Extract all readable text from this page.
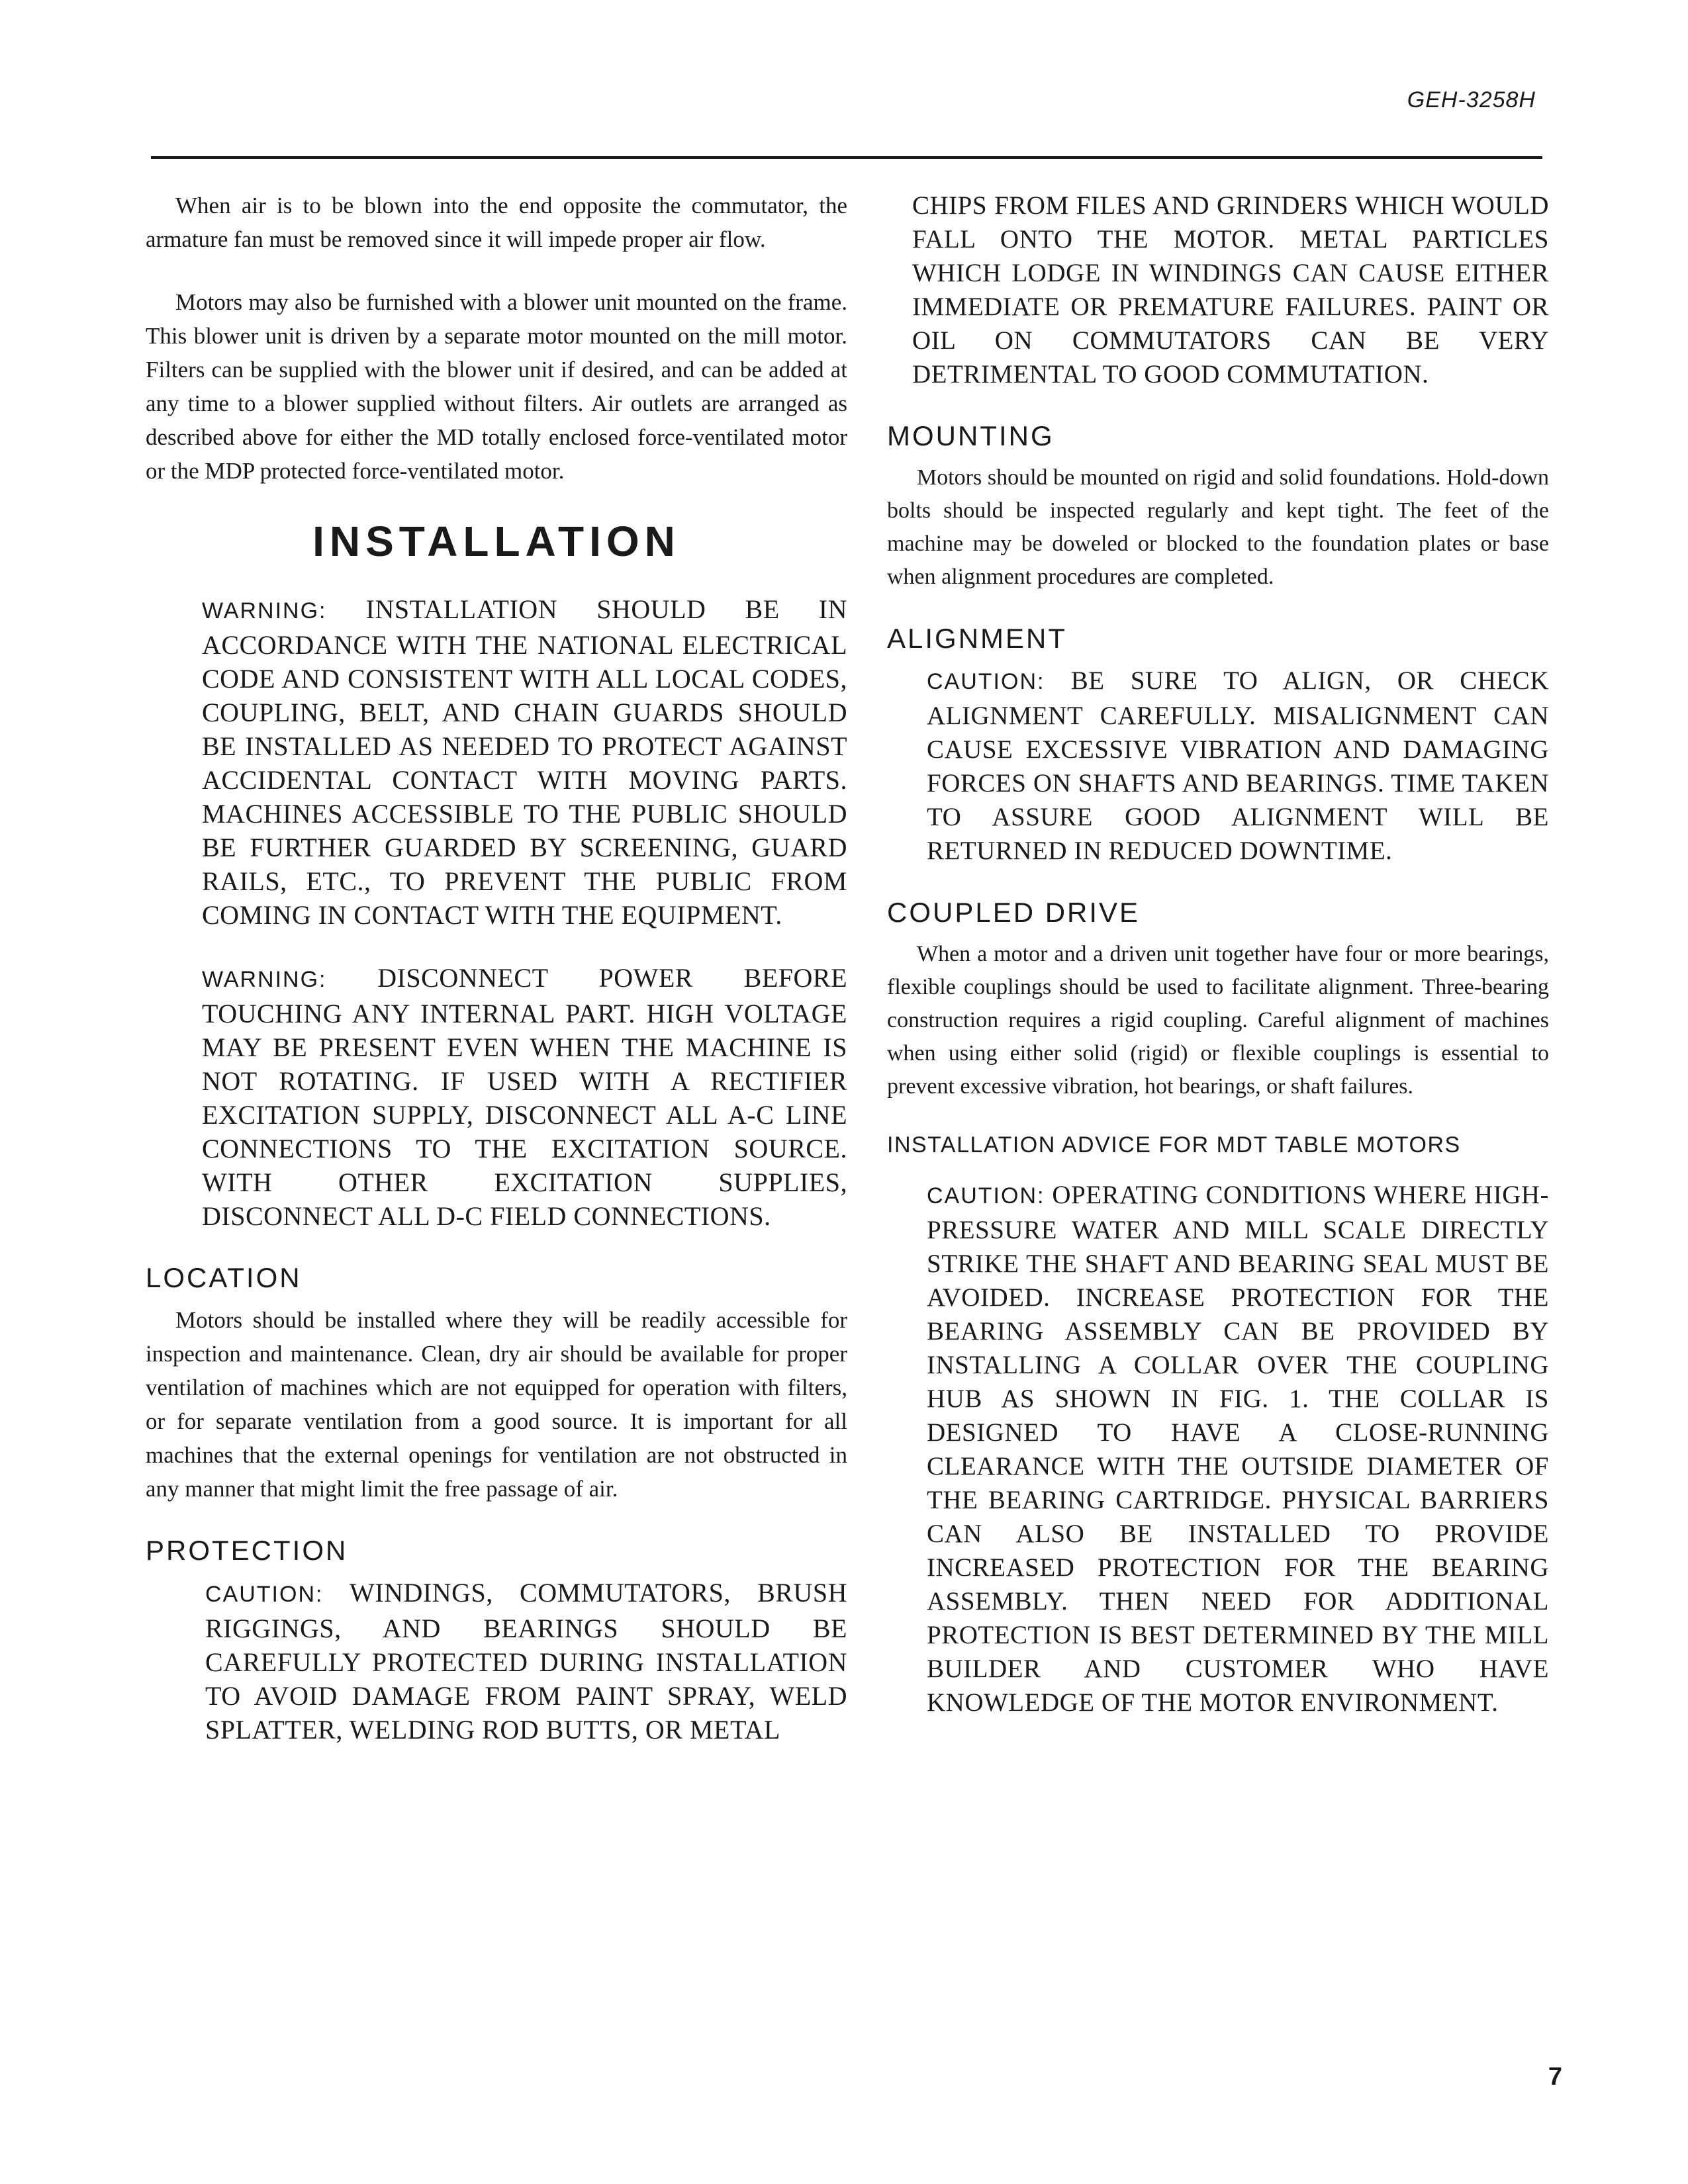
GEH-3258H

When air is to be blown into the end opposite the commutator, the armature fan must be removed since it will impede proper air flow.

Motors may also be furnished with a blower unit mounted on the frame. This blower unit is driven by a separate motor mounted on the mill motor. Filters can be supplied with the blower unit if desired, and can be added at any time to a blower supplied without filters. Air outlets are arranged as described above for either the MD totally enclosed force-ventilated motor or the MDP protected force-ventilated motor.

INSTALLATION

WARNING: INSTALLATION SHOULD BE IN ACCORDANCE WITH THE NATIONAL ELECTRICAL CODE AND CONSISTENT WITH ALL LOCAL CODES, COUPLING, BELT, AND CHAIN GUARDS SHOULD BE INSTALLED AS NEEDED TO PROTECT AGAINST ACCIDENTAL CONTACT WITH MOVING PARTS. MACHINES ACCESSIBLE TO THE PUBLIC SHOULD BE FURTHER GUARDED BY SCREENING, GUARD RAILS, ETC., TO PREVENT THE PUBLIC FROM COMING IN CONTACT WITH THE EQUIPMENT.

WARNING: DISCONNECT POWER BEFORE TOUCHING ANY INTERNAL PART. HIGH VOLTAGE MAY BE PRESENT EVEN WHEN THE MACHINE IS NOT ROTATING. IF USED WITH A RECTIFIER EXCITATION SUPPLY, DISCONNECT ALL A-C LINE CONNECTIONS TO THE EXCITATION SOURCE. WITH OTHER EXCITATION SUPPLIES, DISCONNECT ALL D-C FIELD CONNECTIONS.

LOCATION

Motors should be installed where they will be readily accessible for inspection and maintenance. Clean, dry air should be available for proper ventilation of machines which are not equipped for operation with filters, or for separate ventilation from a good source. It is important for all machines that the external openings for ventilation are not obstructed in any manner that might limit the free passage of air.

PROTECTION

CAUTION: WINDINGS, COMMUTATORS, BRUSH RIGGINGS, AND BEARINGS SHOULD BE CAREFULLY PROTECTED DURING INSTALLATION TO AVOID DAMAGE FROM PAINT SPRAY, WELD SPLATTER, WELDING ROD BUTTS, OR METAL

CHIPS FROM FILES AND GRINDERS WHICH WOULD FALL ONTO THE MOTOR. METAL PARTICLES WHICH LODGE IN WINDINGS CAN CAUSE EITHER IMMEDIATE OR PREMATURE FAILURES. PAINT OR OIL ON COMMUTATORS CAN BE VERY DETRIMENTAL TO GOOD COMMUTATION.

MOUNTING

Motors should be mounted on rigid and solid foundations. Hold-down bolts should be inspected regularly and kept tight. The feet of the machine may be doweled or blocked to the foundation plates or base when alignment procedures are completed.

ALIGNMENT

CAUTION: BE SURE TO ALIGN, OR CHECK ALIGNMENT CAREFULLY. MISALIGNMENT CAN CAUSE EXCESSIVE VIBRATION AND DAMAGING FORCES ON SHAFTS AND BEARINGS. TIME TAKEN TO ASSURE GOOD ALIGNMENT WILL BE RETURNED IN REDUCED DOWNTIME.

COUPLED DRIVE

When a motor and a driven unit together have four or more bearings, flexible couplings should be used to facilitate alignment. Three-bearing construction requires a rigid coupling. Careful alignment of machines when using either solid (rigid) or flexible couplings is essential to prevent excessive vibration, hot bearings, or shaft failures.

INSTALLATION ADVICE FOR MDT TABLE MOTORS

CAUTION: OPERATING CONDITIONS WHERE HIGH-PRESSURE WATER AND MILL SCALE DIRECTLY STRIKE THE SHAFT AND BEARING SEAL MUST BE AVOIDED. INCREASE PROTECTION FOR THE BEARING ASSEMBLY CAN BE PROVIDED BY INSTALLING A COLLAR OVER THE COUPLING HUB AS SHOWN IN FIG. 1. THE COLLAR IS DESIGNED TO HAVE A CLOSE-RUNNING CLEARANCE WITH THE OUTSIDE DIAMETER OF THE BEARING CARTRIDGE. PHYSICAL BARRIERS CAN ALSO BE INSTALLED TO PROVIDE INCREASED PROTECTION FOR THE BEARING ASSEMBLY. THEN NEED FOR ADDITIONAL PROTECTION IS BEST DETERMINED BY THE MILL BUILDER AND CUSTOMER WHO HAVE KNOWLEDGE OF THE MOTOR ENVIRONMENT.

7
